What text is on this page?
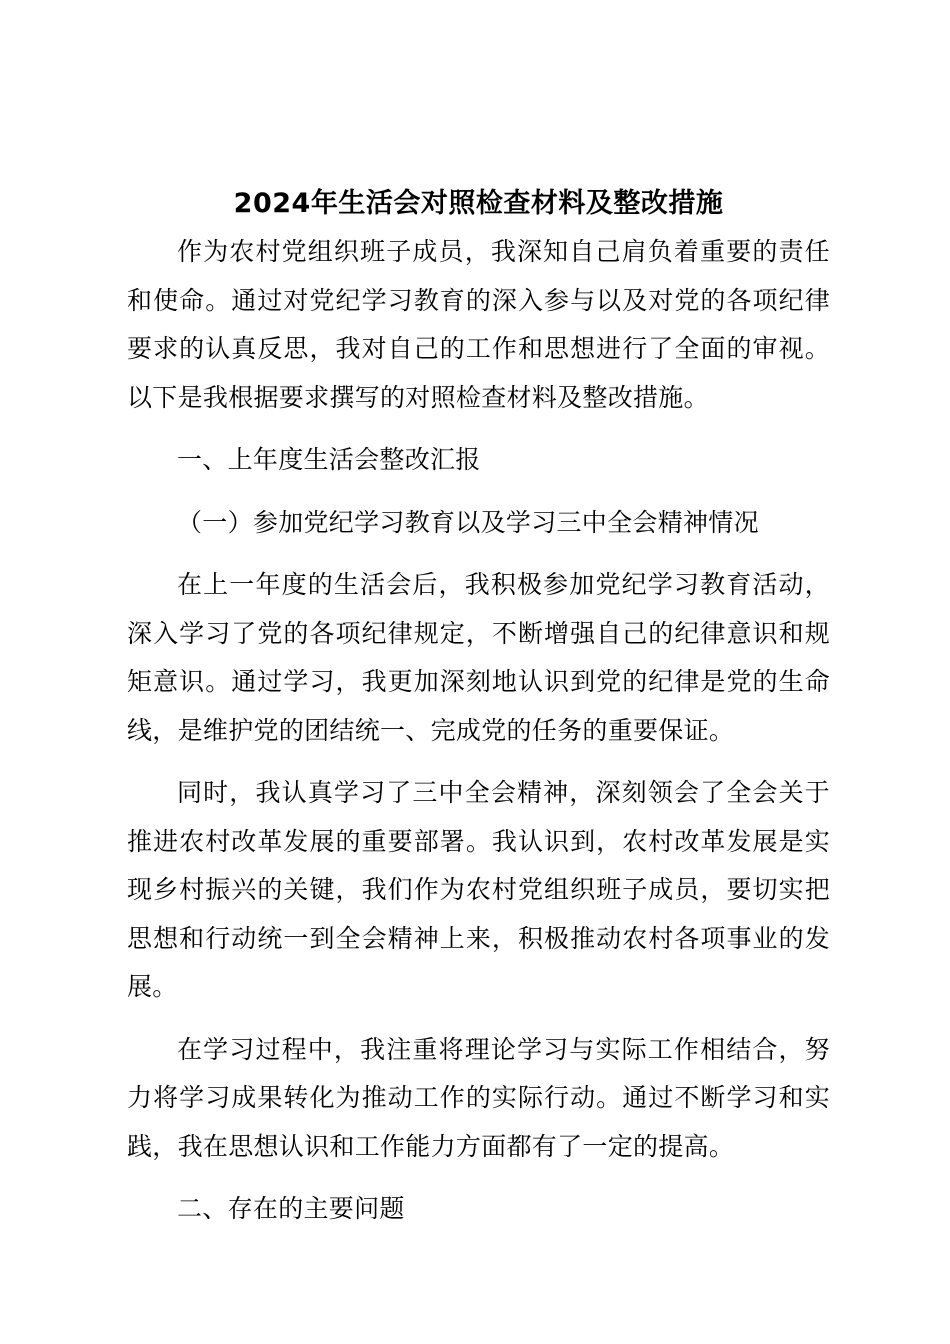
2024年生活会对照检查材料及整改措施

作为农村党组织班子成员，我深知自己肩负着重要的责任和使命。通过对党纪学习教育的深入参与以及对党的各项纪律要求的认真反思，我对自己的工作和思想进行了全面的审视。以下是我根据要求撰写的对照检查材料及整改措施。

一、上年度生活会整改汇报

（一）参加党纪学习教育以及学习三中全会精神情况

在上一年度的生活会后，我积极参加党纪学习教育活动，深入学习了党的各项纪律规定，不断增强自己的纪律意识和规矩意识。通过学习，我更加深刻地认识到党的纪律是党的生命线，是维护党的团结统一、完成党的任务的重要保证。

同时，我认真学习了三中全会精神，深刻领会了全会关于推进农村改革发展的重要部署。我认识到，农村改革发展是实现乡村振兴的关键，我们作为农村党组织班子成员，要切实把思想和行动统一到全会精神上来，积极推动农村各项事业的发展。

在学习过程中，我注重将理论学习与实际工作相结合，努力将学习成果转化为推动工作的实际行动。通过不断学习和实践，我在思想认识和工作能力方面都有了一定的提高。

二、存在的主要问题
